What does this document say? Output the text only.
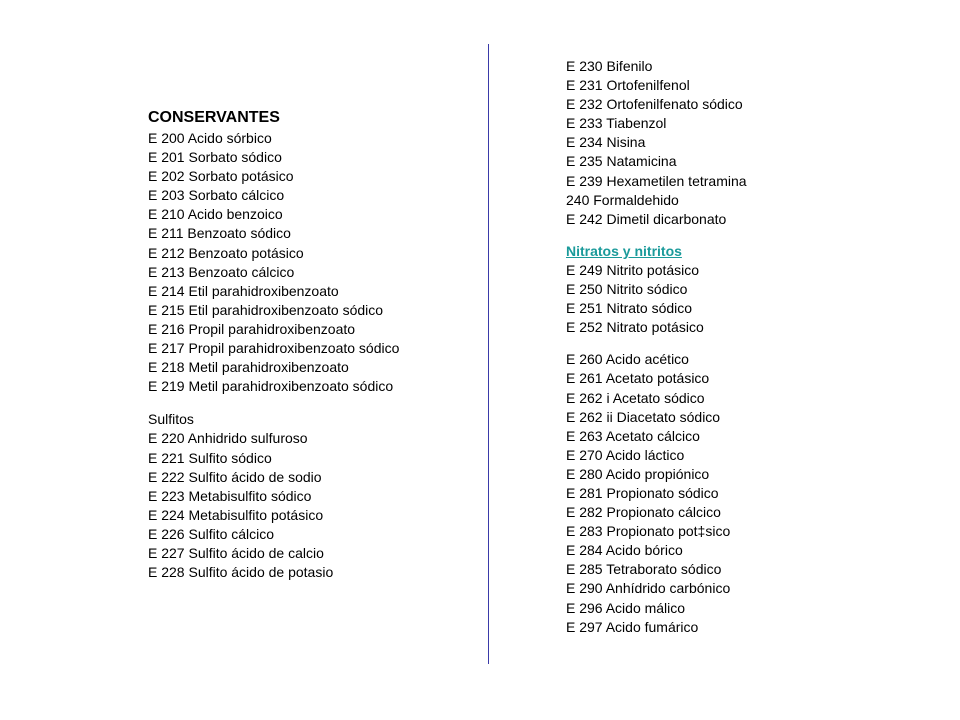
CONSERVANTES
E 200 Acido sórbico
E 201 Sorbato sódico
E 202 Sorbato potásico
E 203 Sorbato cálcico
E 210 Acido benzoico
E 211 Benzoato sódico
E 212 Benzoato potásico
E 213 Benzoato cálcico
E 214 Etil parahidroxibenzoato
E 215 Etil parahidroxibenzoato sódico
E 216 Propil parahidroxibenzoato
E 217 Propil parahidroxibenzoato sódico
E 218 Metil parahidroxibenzoato
E 219 Metil parahidroxibenzoato sódico
Sulfitos
E 220 Anhidrido sulfuroso
E 221 Sulfito sódico
E 222 Sulfito ácido de sodio
E 223 Metabisulfito sódico
E 224 Metabisulfito potásico
E 226 Sulfito cálcico
E 227 Sulfito ácido de calcio
E 228 Sulfito ácido de potasio
E 230 Bifenilo
E 231 Ortofenilfenol
E 232 Ortofenilfenato sódico
E 233 Tiabenzol
E 234 Nisina
E 235 Natamicina
E 239 Hexametilen tetramina
240 Formaldehido
E 242 Dimetil dicarbonato
Nitratos y nitritos
E 249 Nitrito potásico
E 250 Nitrito sódico
E 251 Nitrato sódico
E 252 Nitrato potásico
E 260 Acido acético
E 261 Acetato potásico
E 262 i Acetato sódico
E 262 ii Diacetato sódico
E 263 Acetato cálcico
E 270 Acido láctico
E 280 Acido propiónico
E 281 Propionato sódico
E 282 Propionato cálcico
E 283 Propionato pot‡sico
E 284 Acido bórico
E 285 Tetraborato sódico
E 290 Anhídrido carbónico
E 296 Acido málico
E 297 Acido fumárico
